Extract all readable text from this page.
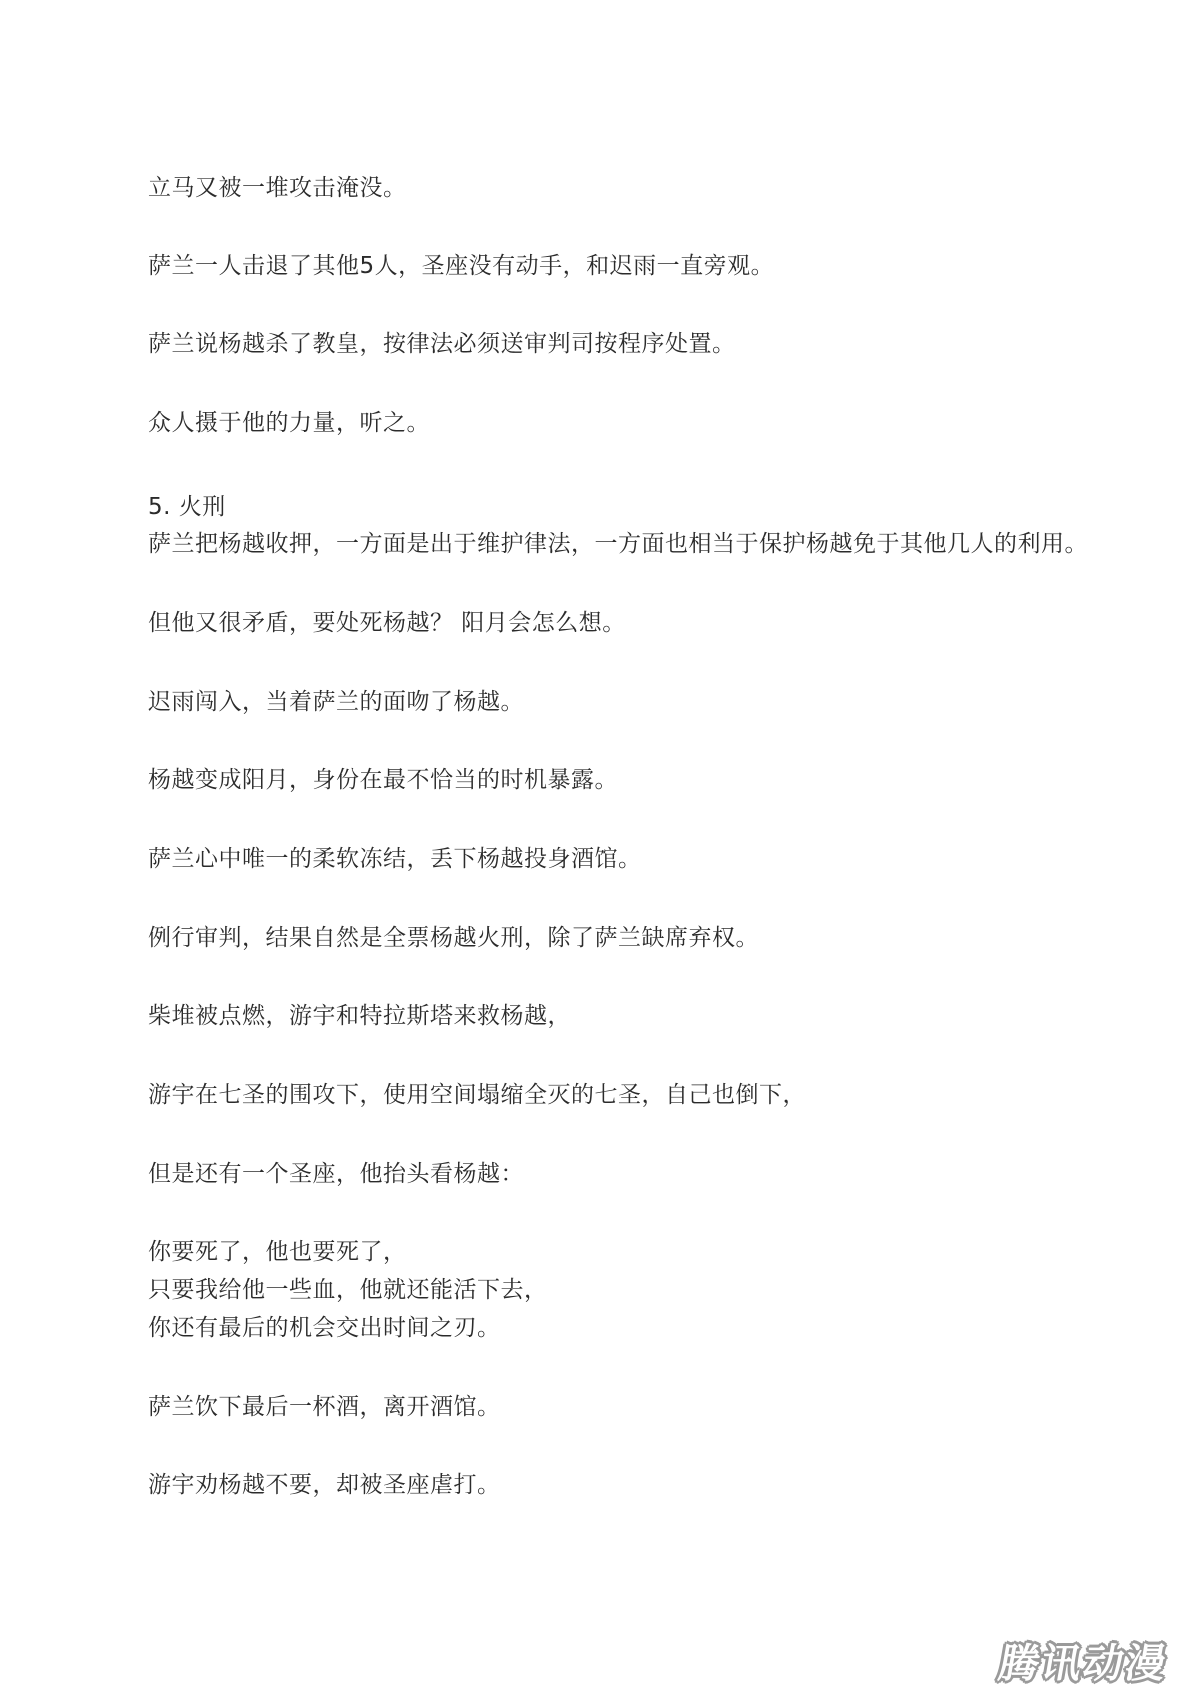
立马又被一堆攻击淹没。
萨兰一人击退了其他5人，圣座没有动手，和迟雨一直旁观。
萨兰说杨越杀了教皇，按律法必须送审判司按程序处置。
众人摄于他的力量，听之。
5. 火刑
萨兰把杨越收押，一方面是出于维护律法，一方面也相当于保护杨越免于其他几人的利用。
但他又很矛盾，要处死杨越？ 阳月会怎么想。
迟雨闯入，当着萨兰的面吻了杨越。
杨越变成阳月，身份在最不恰当的时机暴露。
萨兰心中唯一的柔软冻结，丢下杨越投身酒馆。
例行审判，结果自然是全票杨越火刑，除了萨兰缺席弃权。
柴堆被点燃，游宇和特拉斯塔来救杨越，
游宇在七圣的围攻下，使用空间塌缩全灭的七圣，自己也倒下，
但是还有一个圣座，他抬头看杨越：
你要死了，他也要死了，
只要我给他一些血，他就还能活下去，
你还有最后的机会交出时间之刃。
萨兰饮下最后一杯酒，离开酒馆。
游宇劝杨越不要，却被圣座虐打。
腾讯动漫
